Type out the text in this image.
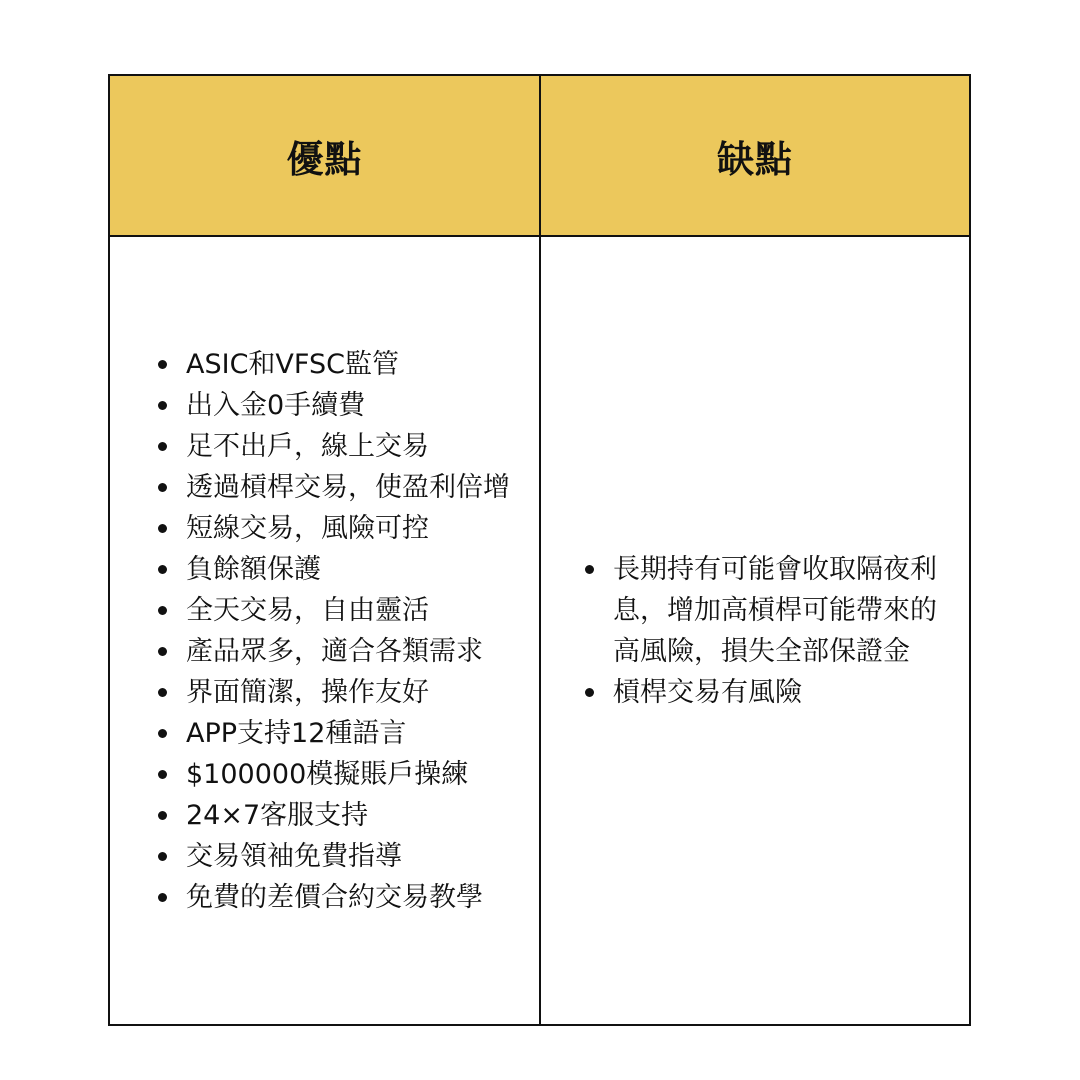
優點	缺點
ASIC和VFSC監管
出入金0手續費
足不出戶，線上交易
透過槓桿交易，使盈利倍增
短線交易，風險可控
負餘額保護
全天交易，自由靈活
產品眾多，適合各類需求
界面簡潔，操作友好
APP支持12種語言
$100000模擬賬戶操練
24×7客服支持
交易領袖免費指導
免費的差價合約交易教學
長期持有可能會收取隔夜利息，增加高槓桿可能帶來的高風險，損失全部保證金
槓桿交易有風險
